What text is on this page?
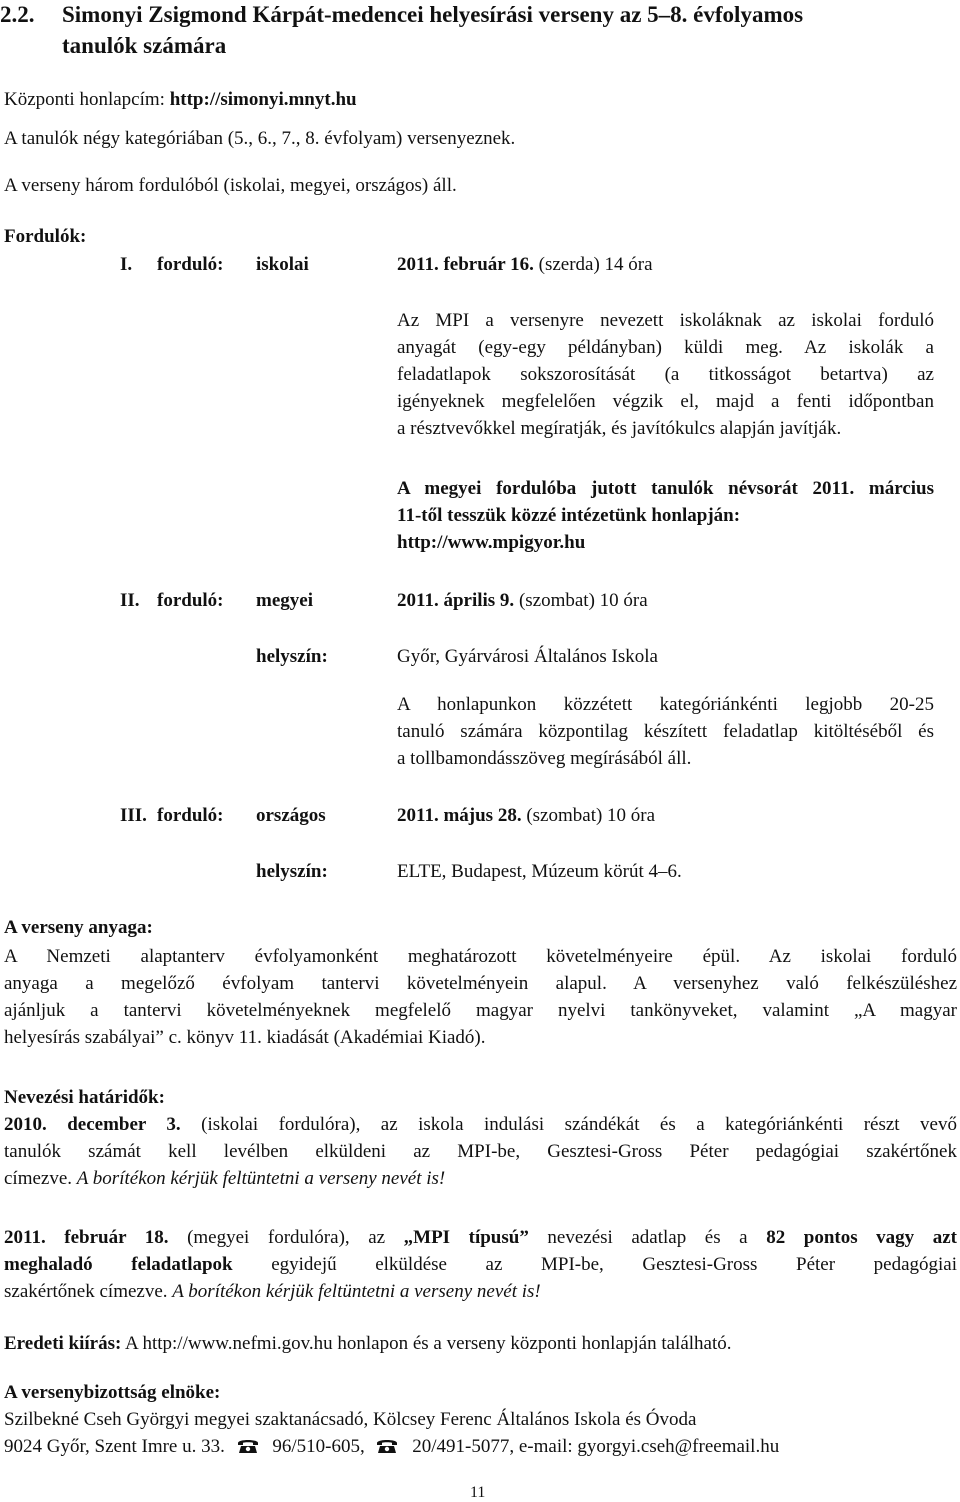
2.2. Simonyi Zsigmond Kárpát-medencei helyesírási verseny az 5–8. évfolyamos
tanulók számára
Központi honlapcím: http://simonyi.mnyt.hu
A tanulók négy kategóriában (5., 6., 7., 8. évfolyam) versenyeznek.
A verseny három fordulóból (iskolai, megyei, országos) áll.
Fordulók:
I. forduló: iskolai	2011. február 16. (szerda) 14 óra
Az MPI a versenyre nevezett iskoláknak az iskolai forduló
anyagát (egy-egy példányban) küldi meg. Az iskolák a
feladatlapok sokszorosítását (a titkosságot betartva) az
igényeknek megfelelően végzik el, majd a fenti időpontban
a résztvevőkkel megíratják, és javítókulcs alapján javítják.
A megyei fordulóba jutott tanulók névsorát 2011. március
11-től tesszük közzé intézetünk honlapján:
http://www.mpigyor.hu
II. forduló: megyei	2011. április 9. (szombat) 10 óra
helyszín:	Győr, Gyárvárosi Általános Iskola
A honlapunkon közzétett kategóriánkénti legjobb 20-25
tanuló számára központilag készített feladatlap kitöltéséből és
a tollbamondásszöveg megírásából áll.
III. forduló: országos	2011. május 28. (szombat) 10 óra
helyszín:	ELTE, Budapest, Múzeum körút 4–6.
A verseny anyaga:
A Nemzeti alaptanterv évfolyamonként meghatározott követelményeire épül. Az iskolai forduló
anyaga a megelőző évfolyam tantervi követelményein alapul. A versenyhez való felkészüléshez
ajánljuk a tantervi követelményeknek megfelelő magyar nyelvi tankönyveket, valamint „A magyar
helyesírás szabályai” c. könyv 11. kiadását (Akadémiai Kiadó).
Nevezési határidők:
2010. december 3. (iskolai fordulóra), az iskola indulási szándékát és a kategóriánkénti részt vevő
tanulók számát kell levélben elküldeni az MPI-be, Gesztesi-Gross Péter pedagógiai szakértőnek
címezve. A borítékon kérjük feltüntetni a verseny nevét is!
2011. február 18. (megyei fordulóra), az „MPI típusú” nevezési adatlap és a 82 pontos vagy azt
meghaladó feladatlapok egyidejű elküldése az MPI-be, Gesztesi-Gross Péter pedagógiai
szakértőnek címezve. A borítékon kérjük feltüntetni a verseny nevét is!
Eredeti kiírás: A http://www.nefmi.gov.hu honlapon és a verseny központi honlapján található.
A versenybizottság elnöke:
Szilbekné Cseh Györgyi megyei szaktanácsadó, Kölcsey Ferenc Általános Iskola és Óvoda
9024 Győr, Szent Imre u. 33.	96/510-605,	20/491-5077, e-mail: gyorgyi.cseh@freemail.hu
11
